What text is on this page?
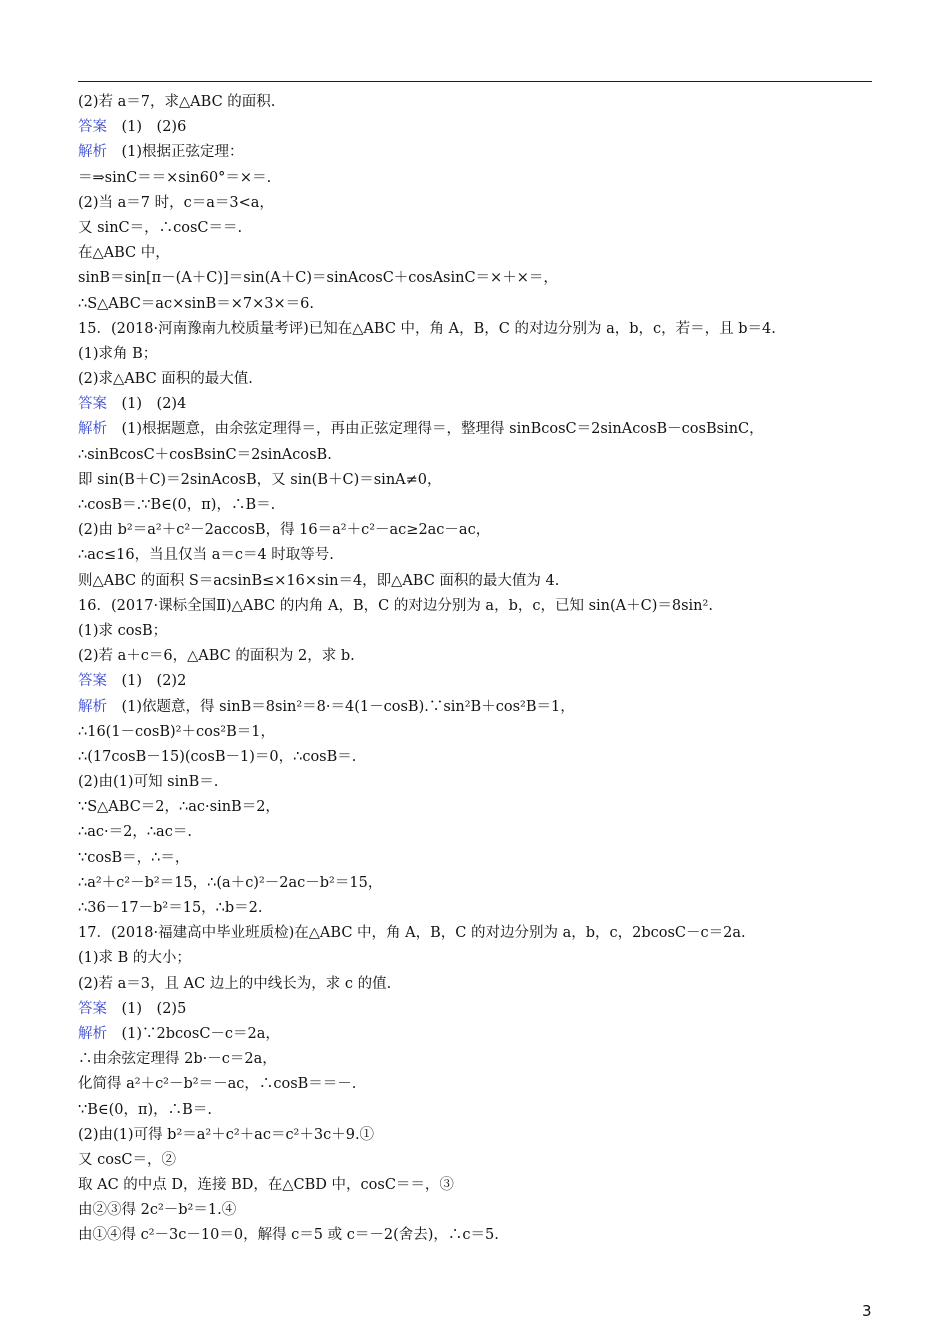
(2)若 a＝7，求△ABC 的面积.
答案　(1)　(2)6
解析　(1)根据正弦定理：
＝⇒sinC＝＝×sin60°＝×＝.
(2)当 a＝7 时，c＝a＝3<a，
又 sinC＝，∴cosC＝＝.
在△ABC 中，
sinB＝sin[π－(A＋C)]＝sin(A＋C)＝sinAcosC＋cosAsinC＝×＋×＝，
∴S△ABC＝ac×sinB＝×7×3×＝6.
15．(2018·河南豫南九校质量考评)已知在△ABC 中，角 A，B，C 的对边分别为 a，b，c，若＝，且 b＝4.
(1)求角 B；
(2)求△ABC 面积的最大值.
答案　(1)　(2)4
解析　(1)根据题意，由余弦定理得＝，再由正弦定理得＝，整理得 sinBcosC＝2sinAcosB－cosBsinC，
∴sinBcosC＋cosBsinC＝2sinAcosB.
即 sin(B＋C)＝2sinAcosB，又 sin(B＋C)＝sinA≠0，
∴cosB＝.∵B∈(0，π)，∴B＝.
(2)由 b²＝a²＋c²－2accosB，得 16＝a²＋c²－ac≥2ac－ac，
∴ac≤16，当且仅当 a＝c＝4 时取等号.
则△ABC 的面积 S＝acsinB≤×16×sin＝4，即△ABC 面积的最大值为 4.
16．(2017·课标全国Ⅱ)△ABC 的内角 A，B，C 的对边分别为 a，b，c，已知 sin(A＋C)＝8sin².
(1)求 cosB；
(2)若 a＋c＝6，△ABC 的面积为 2，求 b.
答案　(1)　(2)2
解析　(1)依题意，得 sinB＝8sin²＝8·＝4(1－cosB).∵sin²B＋cos²B＝1，
∴16(1－cosB)²＋cos²B＝1，
∴(17cosB－15)(cosB－1)＝0，∴cosB＝.
(2)由(1)可知 sinB＝.
∵S△ABC＝2，∴ac·sinB＝2，
∴ac·＝2，∴ac＝.
∵cosB＝，∴＝，
∴a²＋c²－b²＝15，∴(a＋c)²－2ac－b²＝15，
∴36－17－b²＝15，∴b＝2.
17．(2018·福建高中毕业班质检)在△ABC 中，角 A，B，C 的对边分别为 a，b，c，2bcosC－c＝2a.
(1)求 B 的大小；
(2)若 a＝3，且 AC 边上的中线长为，求 c 的值.
答案　(1)　(2)5
解析　(1)∵2bcosC－c＝2a，
∴由余弦定理得 2b·－c＝2a，
化简得 a²＋c²－b²＝－ac，∴cosB＝＝－.
∵B∈(0，π)，∴B＝.
(2)由(1)可得 b²＝a²＋c²＋ac＝c²＋3c＋9.①
又 cosC＝，②
取 AC 的中点 D，连接 BD，在△CBD 中，cosC＝＝，③
由②③得 2c²－b²＝1.④
由①④得 c²－3c－10＝0，解得 c＝5 或 c＝－2(舍去)，∴c＝5.
3
